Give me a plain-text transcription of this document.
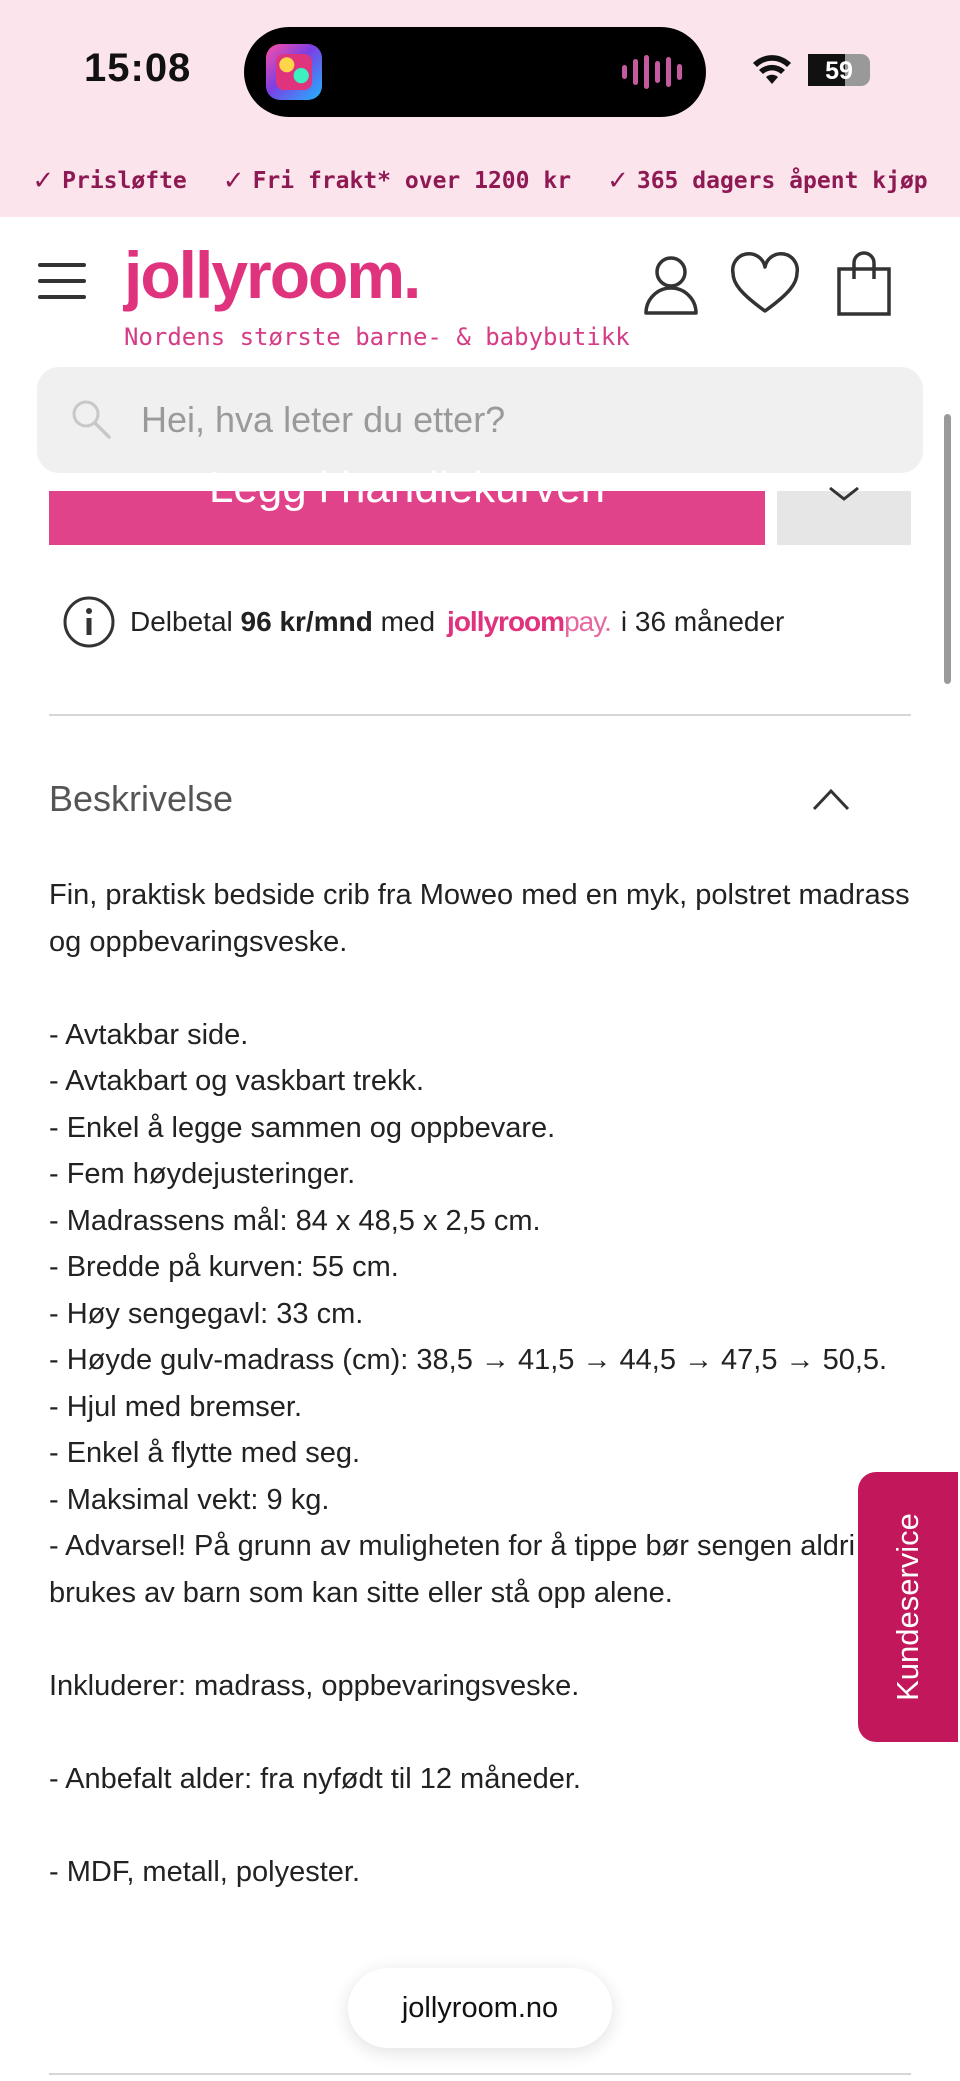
15:08	59
✓ Prisløfte ✓ Fri frakt* over 1200 kr ✓ 365 dagers åpent kjøp
jollyroom.
Nordens største barne- & babybutikk
Hei, hva leter du etter?
Legg i handlekurven
Delbetal
96 kr/mnd
med jollyroom pay. i 36 måneder
Beskrivelse

Fin, praktisk bedside crib fra Moweo med en myk, polstret madrass og oppbevaringsveske.

- Avtakbar side.

- Avtakbart og vaskbart trekk.

- Enkel å legge sammen og oppbevare.

- Fem høydejusteringer.

- Madrassens mål: 84 x 48,5 x 2,5 cm.

- Bredde på kurven: 55 cm.

- Høy sengegavl: 33 cm.

- Høyde gulv-madrass (cm): 38,5 → 41,5 → 44,5 → 47,5 → 50,5.

- Hjul med bremser.

- Enkel å flytte med seg.

- Maksimal vekt: 9 kg.

- Advarsel! På grunn av muligheten for å tippe bør sengen aldri brukes av barn som kan sitte eller stå opp alene.

Inkluderer: madrass, oppbevaringsveske.

- Anbefalt alder: fra nyfødt til 12 måneder.

- MDF, metall, polyester.

Kundeservice
jollyroom.no
